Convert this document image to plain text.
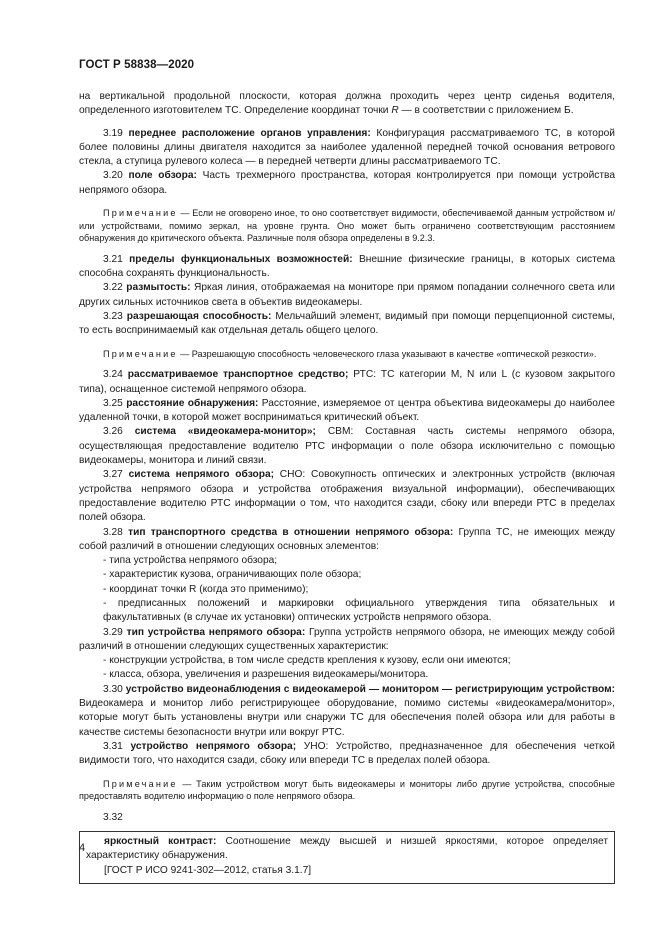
ГОСТ Р 58838—2020

на вертикальной продольной плоскости, которая должна проходить через центр сиденья водителя, определенного изготовителем ТС. Определение координат точки R — в соответствии с приложением Б.

3.19 переднее расположение органов управления: Конфигурация рассматриваемого ТС, в которой более половины длины двигателя находится за наиболее удаленной передней точкой основания ветрового стекла, а ступица рулевого колеса — в передней четверти длины рассматриваемого ТС.

3.20 поле обзора: Часть трехмерного пространства, которая контролируется при помощи устройства непрямого обзора.

Примечание — Если не оговорено иное, то оно соответствует видимости, обеспечиваемой данным устройством и/или устройствами, помимо зеркал, на уровне грунта. Оно может быть ограничено соответствующим расстоянием обнаружения до критического объекта. Различные поля обзора определены в 9.2.3.

3.21 пределы функциональных возможностей: Внешние физические границы, в которых система способна сохранять функциональность.

3.22 размытость: Яркая линия, отображаемая на мониторе при прямом попадании солнечного света или других сильных источников света в объектив видеокамеры.

3.23 разрешающая способность: Мельчайший элемент, видимый при помощи перцепционной системы, то есть воспринимаемый как отдельная деталь общего целого.

Примечание — Разрешающую способность человеческого глаза указывают в качестве «оптической резкости».

3.24 рассматриваемое транспортное средство; РТС: ТС категории M, N или L (с кузовом закрытого типа), оснащенное системой непрямого обзора.

3.25 расстояние обнаружения: Расстояние, измеряемое от центра объектива видеокамеры до наиболее удаленной точки, в которой может восприниматься критический объект.

3.26 система «видеокамера-монитор»; СВМ: Составная часть системы непрямого обзора, осуществляющая предоставление водителю РТС информации о поле обзора исключительно с помощью видеокамеры, монитора и линий связи.

3.27 система непрямого обзора; СНО: Совокупность оптических и электронных устройств (включая устройства непрямого обзора и устройства отображения визуальной информации), обеспечивающих предоставление водителю РТС информации о том, что находится сзади, сбоку или впереди РТС в пределах полей обзора.

3.28 тип транспортного средства в отношении непрямого обзора: Группа ТС, не имеющих между собой различий в отношении следующих основных элементов:

- типа устройства непрямого обзора;

- характеристик кузова, ограничивающих поле обзора;

- координат точки R (когда это применимо);

- предписанных положений и маркировки официального утверждения типа обязательных и факультативных (в случае их установки) оптических устройств непрямого обзора.

3.29 тип устройства непрямого обзора: Группа устройств непрямого обзора, не имеющих между собой различий в отношении следующих существенных характеристик:

- конструкции устройства, в том числе средств крепления к кузову, если они имеются;

- класса, обзора, увеличения и разрешения видеокамеры/монитора.

3.30 устройство видеонаблюдения с видеокамерой — монитором — регистрирующим устройством: Видеокамера и монитор либо регистрирующее оборудование, помимо системы «видеокамера/монитор», которые могут быть установлены внутри или снаружи ТС для обеспечения полей обзора или для работы в качестве системы безопасности внутри или вокруг РТС.

3.31 устройство непрямого обзора; УНО: Устройство, предназначенное для обеспечения четкой видимости того, что находится сзади, сбоку или впереди ТС в пределах полей обзора.

Примечание — Таким устройством могут быть видеокамеры и мониторы либо другие устройства, способные предоставлять водителю информацию о поле непрямого обзора.

3.32

яркостный контраст: Соотношение между высшей и низшей яркостями, которое определяет характеристику обнаружения.

[ГОСТ Р ИСО 9241-302—2012, статья 3.1.7]

4
